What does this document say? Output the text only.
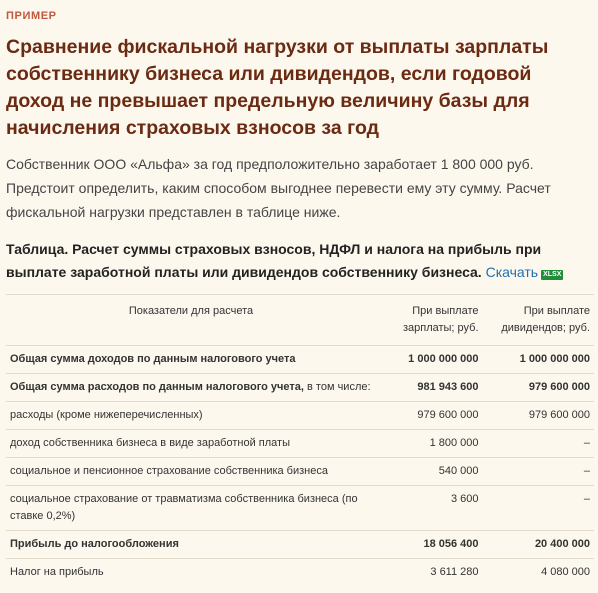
ПРИМЕР
Сравнение фискальной нагрузки от выплаты зарплаты собственнику бизнеса или дивидендов, если годовой доход не превышает предельную величину базы для начисления страховых взносов за год

Собственник ООО «Альфа» за год предположительно заработает 1 800 000 руб. Предстоит определить, каким способом выгоднее перевести ему эту сумму. Расчет фискальной нагрузки представлен в таблице ниже.

Таблица. Расчет суммы страховых взносов, НДФЛ и налога на прибыль при выплате заработной платы или дивидендов собственнику бизнеса. Скачать XLSX

Показатели для расчета	При выплате зарплаты; руб.	При выплате дивидендов; руб.
Общая сумма доходов по данным налогового учета	1 000 000 000	1 000 000 000
Общая сумма расходов по данным налогового учета, в том числе:	981 943 600	979 600 000
расходы (кроме нижеперечисленных)	979 600 000	979 600 000
доход собственника бизнеса в виде заработной платы	1 800 000	–
социальное и пенсионное страхование собственника бизнеса	540 000	–
социальное страхование от травматизма собственника бизнеса (по ставке 0,2%)	3 600	–
Прибыль до налогообложения	18 056 400	20 400 000
Налог на прибыль	3 611 280	4 080 000
